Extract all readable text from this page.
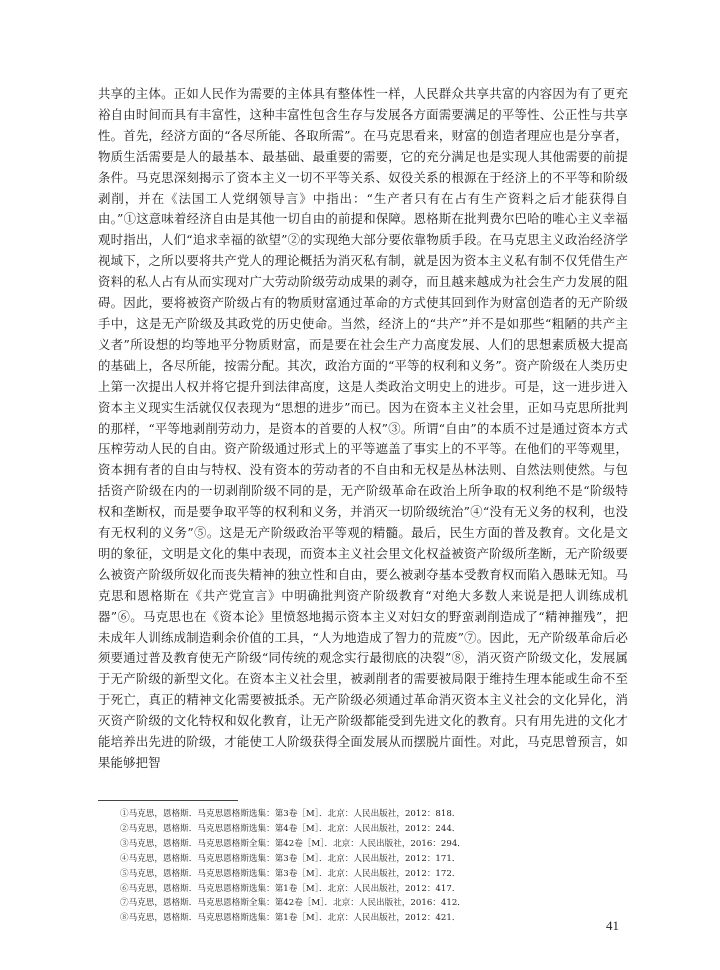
共享的主体。正如人民作为需要的主体具有整体性一样，人民群众共享共富的内容因为有了更充裕自由时间而具有丰富性，这种丰富性包含生存与发展各方面需要满足的平等性、公正性与共享性。首先，经济方面的“各尽所能、各取所需”。在马克思看来，财富的创造者理应也是分享者，物质生活需要是人的最基本、最基础、最重要的需要，它的充分满足也是实现人其他需要的前提条件。马克思深刻揭示了资本主义一切不平等关系、奴役关系的根源在于经济上的不平等和阶级剥削，并在《法国工人党纲领导言》中指出：“生产者只有在占有生产资料之后才能获得自由。”①这意味着经济自由是其他一切自由的前提和保障。恩格斯在批判费尔巴哈的唯心主义幸福观时指出，人们“追求幸福的欲望”②的实现绝大部分要依靠物质手段。在马克思主义政治经济学视域下，之所以要将共产党人的理论概括为消灭私有制，就是因为资本主义私有制不仅凭借生产资料的私人占有从而实现对广大劳动阶级劳动成果的剥夺，而且越来越成为社会生产力发展的阻碍。因此，要将被资产阶级占有的物质财富通过革命的方式使其回到作为财富创造者的无产阶级手中，这是无产阶级及其政党的历史使命。当然，经济上的“共产”并不是如那些“粗陋的共产主义者”所设想的均等地平分物质财富，而是要在社会生产力高度发展、人们的思想素质极大提高的基础上，各尽所能，按需分配。其次，政治方面的“平等的权利和义务”。资产阶级在人类历史上第一次提出人权并将它提升到法律高度，这是人类政治文明史上的进步。可是，这一进步进入资本主义现实生活就仅仅表现为“思想的进步”而已。因为在资本主义社会里，正如马克思所批判的那样，“平等地剥削劳动力，是资本的首要的人权”③。所谓“自由”的本质不过是通过资本方式压榨劳动人民的自由。资产阶级通过形式上的平等遮盖了事实上的不平等。在他们的平等观里，资本拥有者的自由与特权、没有资本的劳动者的不自由和无权是丛林法则、自然法则使然。与包括资产阶级在内的一切剥削阶级不同的是，无产阶级革命在政治上所争取的权利绝不是“阶级特权和垄断权，而是要争取平等的权利和义务，并消灭一切阶级统治”④“没有无义务的权利，也没有无权利的义务”⑤。这是无产阶级政治平等观的精髓。最后，民生方面的普及教育。文化是文明的象征，文明是文化的集中表现，而资本主义社会里文化权益被资产阶级所垄断，无产阶级要么被资产阶级所奴化而丧失精神的独立性和自由，要么被剥夺基本受教育权而陷入愚昧无知。马克思和恩格斯在《共产党宣言》中明确批判资产阶级教育“对绝大多数人来说是把人训练成机器”⑥。马克思也在《资本论》里愤怒地揭示资本主义对妇女的野蛮剥削造成了“精神摧残”，把未成年人训练成制造剩余价值的工具，“人为地造成了智力的荒废”⑦。因此，无产阶级革命后必须要通过普及教育使无产阶级“同传统的观念实行最彻底的决裂”⑧，消灭资产阶级文化，发展属于无产阶级的新型文化。在资本主义社会里，被剥削者的需要被局限于维持生理本能或生命不至于死亡，真正的精神文化需要被抵杀。无产阶级必须通过革命消灭资本主义社会的文化异化，消灭资产阶级的文化特权和奴化教育，让无产阶级都能受到先进文化的教育。只有用先进的文化才能培养出先进的阶级，才能使工人阶级获得全面发展从而摆脱片面性。对此，马克思曾预言，如果能够把智

①马克思，恩格斯．马克思恩格斯选集：第3卷［M］．北京：人民出版社，2012：818．

②马克思，恩格斯．马克思恩格斯选集：第4卷［M］．北京：人民出版社，2012：244．

③马克思，恩格斯．马克思恩格斯全集：第42卷［M］．北京：人民出版社，2016：294．

④马克思，恩格斯．马克思恩格斯选集：第3卷［M］．北京：人民出版社，2012：171．

⑤马克思，恩格斯．马克思恩格斯选集：第3卷［M］．北京：人民出版社，2012：172．

⑥马克思，恩格斯．马克思恩格斯选集：第1卷［M］．北京：人民出版社，2012：417．

⑦马克思，恩格斯．马克思恩格斯全集：第42卷［M］．北京：人民出版社，2016：412．

⑧马克思，恩格斯．马克思恩格斯选集：第1卷［M］．北京：人民出版社，2012：421．	41
